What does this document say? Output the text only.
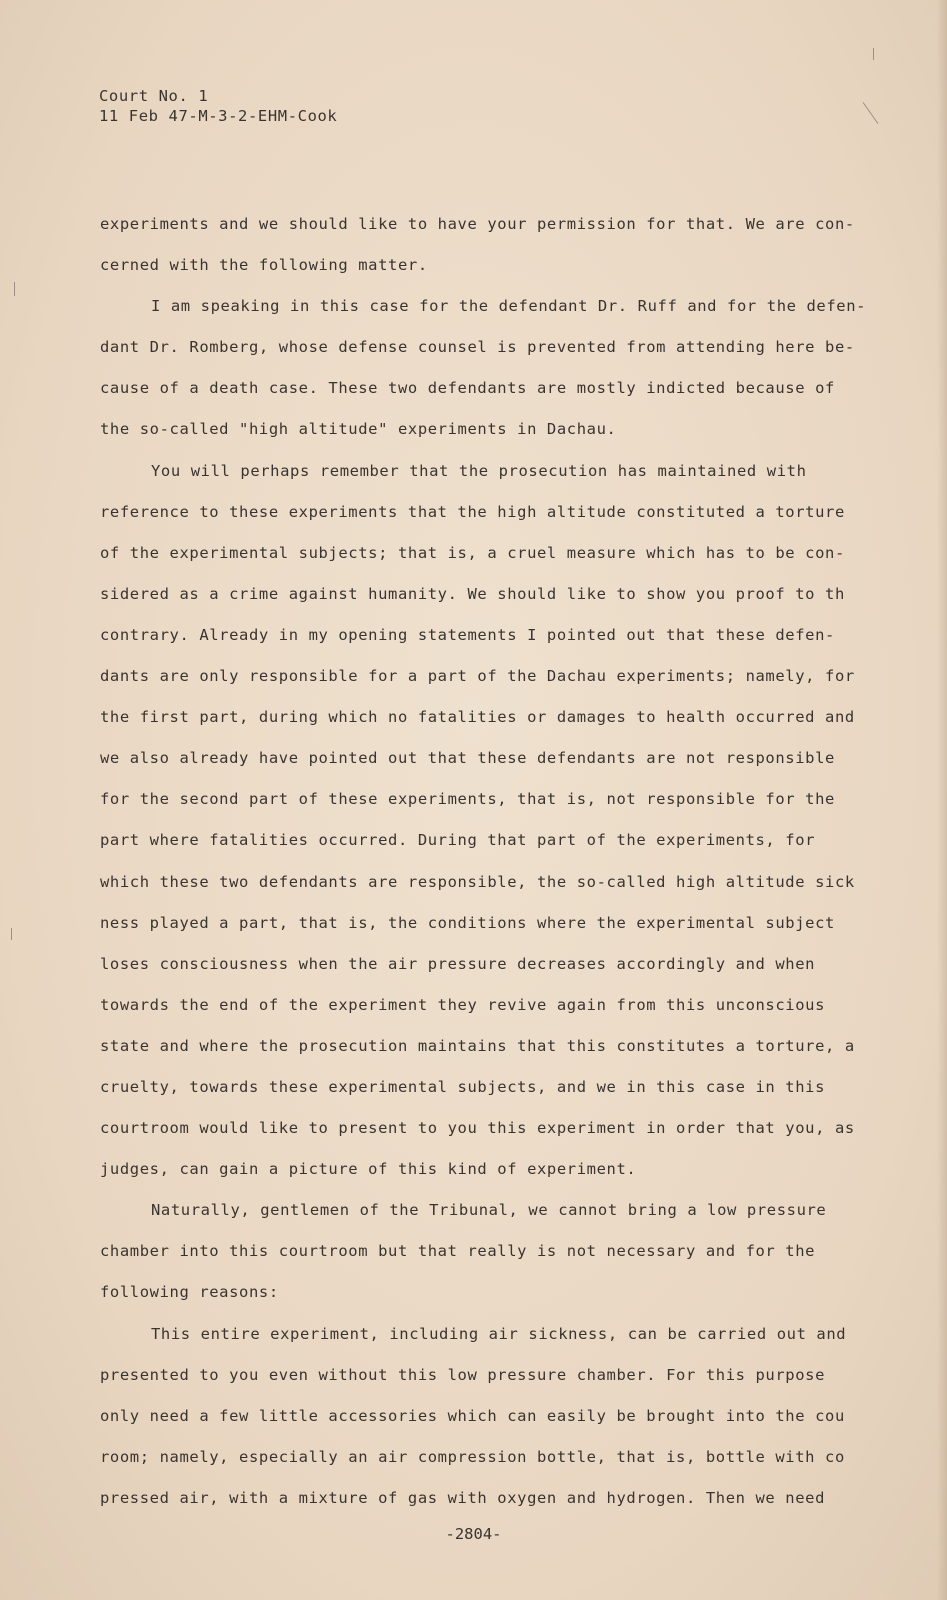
Court No. 1
11 Feb 47-M-3-2-EHM-Cook
experiments and we should like to have your permission for that. We are con-
cerned with the following matter.
I am speaking in this case for the defendant Dr. Ruff and for the defen-
dant Dr. Romberg, whose defense counsel is prevented from attending here be-
cause of a death case. These two defendants are mostly indicted because of
the so-called "high altitude" experiments in Dachau.
You will perhaps remember that the prosecution has maintained with
reference to these experiments that the high altitude constituted a torture
of the experimental subjects; that is, a cruel measure which has to be con-
sidered as a crime against humanity. We should like to show you proof to th
contrary. Already in my opening statements I pointed out that these defen-
dants are only responsible for a part of the Dachau experiments; namely, for
the first part, during which no fatalities or damages to health occurred and
we also already have pointed out that these defendants are not responsible
for the second part of these experiments, that is, not responsible for the
part where fatalities occurred. During that part of the experiments, for
which these two defendants are responsible, the so-called high altitude sick
ness played a part, that is, the conditions where the experimental subject
loses consciousness when the air pressure decreases accordingly and when
towards the end of the experiment they revive again from this unconscious
state and where the prosecution maintains that this constitutes a torture, a
cruelty, towards these experimental subjects, and we in this case in this
courtroom would like to present to you this experiment in order that you, as
judges, can gain a picture of this kind of experiment.
Naturally, gentlemen of the Tribunal, we cannot bring a low pressure
chamber into this courtroom but that really is not necessary and for the
following reasons:
This entire experiment, including air sickness, can be carried out and
presented to you even without this low pressure chamber. For this purpose
only need a few little accessories which can easily be brought into the cou
room; namely, especially an air compression bottle, that is, bottle with co
pressed air, with a mixture of gas with oxygen and hydrogen. Then we need
-2804-
